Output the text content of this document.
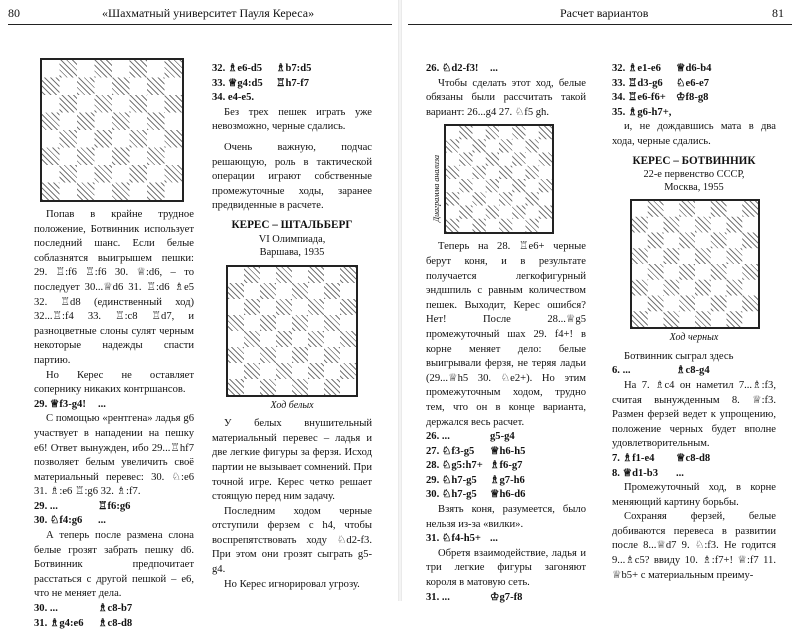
80	«Шахматный университет Пауля Кереса»

Попав в крайне трудное положение, Ботвинник использует последний шанс. Если белые соблазнятся выигрышем пешки: 29. ♖:f6 ♖:f6 30. ♕:d6, – то последует 30...♕d6 31. ♖:d6 ♗e5 32. ♖d8 (единственный ход) 32...♖:f4 33. ♖:c8 ♖d7, и разноцветные слоны сулят черным некоторые надежды спасти партию.

Но Керес не оставляет сопернику никаких контршансов.

29. ♕f3-g4!	...

С помощью «рентгена» ладья g6 участвует в нападении на пешку e6! Ответ вынужден, ибо 29...♖hf7 позволяет белым увеличить своё материальный перевес: 30. ♘:e6 31. ♗:e6 ♖:g6 32. ♗:f7.

29. ...	♖f6:g6
30. ♘f4:g6	...

А теперь после размена слона белые грозят забрать пешку d6. Ботвинник предпочитает расстаться с другой пешкой – e6, что не меняет дела.

30. ...	♗c8-b7
31. ♗g4:e6	♗c8-d8
32. ♗e6-d5	♗b7:d5
33. ♕g4:d5	♖h7-f7
34. e4-e5.

Без трех пешек играть уже невозможно, черные сдались.

Очень важную, подчас решающую, роль в тактической операции играют собственные промежуточные ходы, заранее предвиденные в расчете.

КЕРЕС – ШТАЛЬБЕРГ
VI Олимпиада,
Варшава, 1935
Ход белых

У белых внушительный материальный перевес – ладья и две легкие фигуры за ферзя. Исход партии не вызывает сомнений. При точной игре. Керес четко решает стоящую перед ним задачу.

Последним ходом черные отступили ферзем с h4, чтобы воспрепятствовать ходу ♘d2-f3. При этом они грозят сыграть g5-g4.

Но Керес игнорировал угрозу.

Расчет вариантов	81
26. ♘d2-f3!	...

Чтобы сделать этот ход, белые обязаны были рассчитать такой вариант: 26...g4 27. ♘f5 gh.

Диаграмма анализа

Теперь на 28. ♖e6+ черные берут коня, и в результате получается легкофигурный эндшпиль с равным количеством пешек. Выходит, Керес ошибся? Нет! После 28...♕g5 промежуточный шах 29. f4+! в корне меняет дело: белые выигрывали ферзя, не теряя ладьи (29...♕h5 30. ♘e2+). Но этим промежуточным ходом, трудно тем, что он в конце варианта, держался весь расчет.

26. ...	g5-g4
27. ♘f3-g5	♕h6-h5
28. ♘g5:h7+ ♗f6-g7
29. ♘h7-g5	♗g7-h6
30. ♘h7-g5	♕h6-d6

Взять коня, разумеется, было нельзя из-за «вилки».

31. ♘f4-h5+ ...

Обретя взаимодействие, ладья и три легкие фигуры загоняют короля в матовую сеть.

31. ...	♔g7-f8
32. ♗e1-e6	♕d6-b4
33. ♖d3-g6	♘e6-e7
34. ♖e6-f6+ ♔f8-g8
35. ♗g6-h7+,

и, не дождавшись мата в два хода, черные сдались.

КЕРЕС – БОТВИННИК
22-е первенство СССР,
Москва, 1955
Ход черных

Ботвинник сыграл здесь

6. ...	♗c8-g4

На 7. ♗c4 он наметил 7...♗:f3, считая вынужденным 8. ♕:f3. Размен ферзей ведет к упрощению, положение черных будет вполне удовлетворительным.

7. ♗f1-e4	♕c8-d8
8. ♕d1-b3	...

Промежуточный ход, в корне меняющий картину борьбы.

Сохраняя ферзей, белые добиваются перевеса в развитии после 8...♕d7 9. ♘:f3. Не годится 9...♗c5? ввиду 10. ♗:f7+! ♕:f7 11. ♕b5+ с материальным преиму-
